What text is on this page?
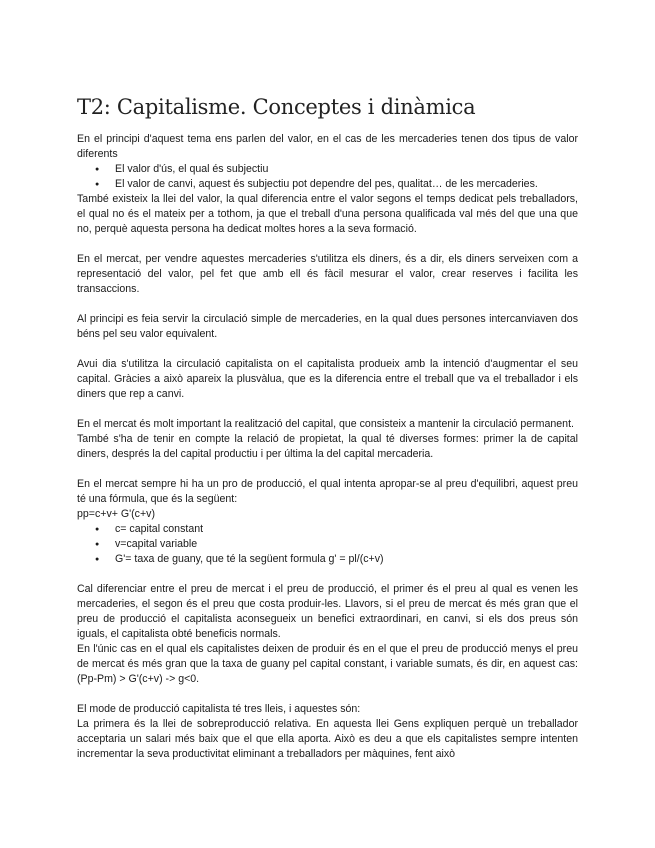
T2: Capitalisme. Conceptes i dinàmica

En el principi d'aquest tema ens parlen del valor, en el cas de les mercaderies tenen dos tipus de valor diferents

● El valor d'ús, el qual és subjectiu
● El valor de canvi, aquest és subjectiu pot dependre del pes, qualitat… de les mercaderies.

També existeix la llei del valor, la qual diferencia entre el valor segons el temps dedicat pels treballadors, el qual no és el mateix per a tothom, ja que el treball d'una persona qualificada val més del que una que no, perquè aquesta persona ha dedicat moltes hores a la seva formació.

En el mercat, per vendre aquestes mercaderies s'utilitza els diners, és a dir, els diners serveixen com a representació del valor, pel fet que amb ell és fàcil mesurar el valor, crear reserves i facilita les transaccions.

Al principi es feia servir la circulació simple de mercaderies, en la qual dues persones intercanviaven dos béns pel seu valor equivalent.

Avui dia s'utilitza la circulació capitalista on el capitalista produeix amb la intenció d'augmentar el seu capital. Gràcies a això apareix la plusvàlua, que es la diferencia entre el treball que va el treballador i els diners que rep a canvi.

En el mercat és molt important la realització del capital, que consisteix a mantenir la circulació permanent.

També s'ha de tenir en compte la relació de propietat, la qual té diverses formes: primer la de capital diners, després la del capital productiu i per última la del capital mercaderia.

En el mercat sempre hi ha un pro de producció, el qual intenta apropar-se al preu d'equilibri, aquest preu té una fórmula, que és la següent:

pp=c+v+ G'(c+v)

● c= capital constant
● v=capital variable
● G'= taxa de guany, que té la següent formula g' = pl/(c+v)

Cal diferenciar entre el preu de mercat i el preu de producció, el primer és el preu al qual es venen les mercaderies, el segon és el preu que costa produir-les. Llavors, si el preu de mercat és més gran que el preu de producció el capitalista aconsegueix un benefici extraordinari, en canvi, si els dos preus són iguals, el capitalista obté beneficis normals.

En l'únic cas en el qual els capitalistes deixen de produir és en el que el preu de producció menys el preu de mercat és més gran que la taxa de guany pel capital constant, i variable sumats, és dir, en aquest cas: (Pp-Pm) > G'(c+v) -> g<0.

El mode de producció capitalista té tres lleis, i aquestes són:

La primera és la llei de sobreproducció relativa. En aquesta llei Gens expliquen perquè un treballador acceptaria un salari més baix que el que ella aporta. Això es deu a que els capitalistes sempre intenten incrementar la seva productivitat eliminant a treballadors per màquines, fent això
